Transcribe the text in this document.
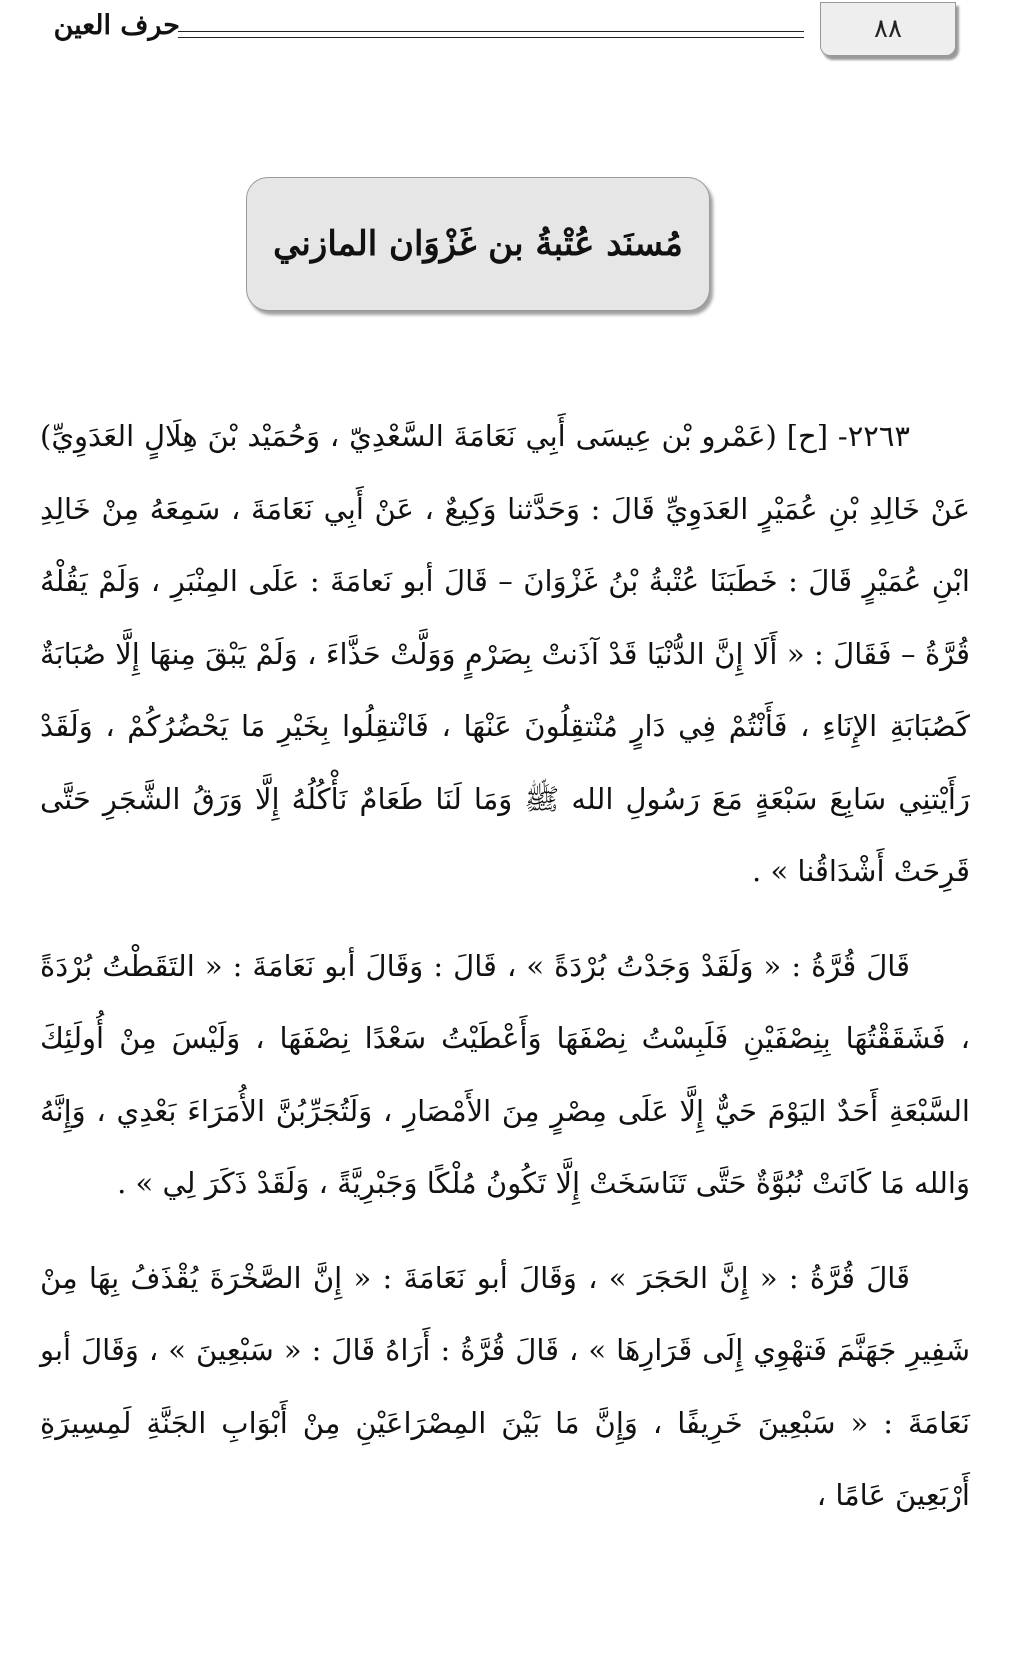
٨٨
حرف العين
مُسنَد عُتْبةُ بن غَزْوَان المازني

٢٢٦٣- [ح] (عَمْرو بْن عِيسَى أَبِي نَعَامَةَ السَّعْدِيّ ، وَحُمَيْد بْنَ هِلَالٍ العَدَوِيِّ) عَنْ خَالِدِ بْنِ عُمَيْرٍ العَدَوِيِّ قَالَ : وَحَدَّثنا وَكِيعٌ ، عَنْ أَبِي نَعَامَةَ ، سَمِعَهُ مِنْ خَالِدِ ابْنِ عُمَيْرٍ قَالَ : خَطَبَنَا عُتْبةُ بْنُ غَزْوَانَ – قَالَ أبو نَعامَةَ : عَلَى المِنْبَرِ ، وَلَمْ يَقُلْهُ قُرَّةُ – فَقَالَ : « أَلَا إِنَّ الدُّنْيَا قَدْ آذَنتْ بِصَرْمٍ وَوَلَّتْ حَذَّاءَ ، وَلَمْ يَبْقَ مِنهَا إِلَّا صُبَابَةٌ كَصُبَابَةِ الإِنَاءِ ، فَأَنْتُمْ فِي دَارٍ مُنْتقِلُونَ عَنْهَا ، فَانْتقِلُوا بِخَيْرِ مَا يَحْضُرُكُمْ ، وَلَقَدْ رَأَيْتنِي سَابِعَ سَبْعَةٍ مَعَ رَسُولِ الله ﷺ وَمَا لَنَا طَعَامٌ نَأْكُلُهُ إِلَّا وَرَقُ الشَّجَرِ حَتَّى قَرِحَتْ أَشْدَاقُنا » .

قَالَ قُرَّةُ : « وَلَقَدْ وَجَدْتُ بُرْدَةً » ، قَالَ : وَقَالَ أبو نَعَامَةَ : « التَقَطْتُ بُرْدَةً ، فَشَقَقْتُهَا بِنِصْفَيْنِ فَلَبِسْتُ نِصْفَهَا وَأَعْطَيْتُ سَعْدًا نِصْفَهَا ، وَلَيْسَ مِنْ أُولَئِكَ السَّبْعَةِ أَحَدٌ اليَوْمَ حَيٌّ إِلَّا عَلَى مِصْرٍ مِنَ الأَمْصَارِ ، وَلَتُجَرِّبُنَّ الأُمَرَاءَ بَعْدِي ، وَإِنَّهُ وَالله مَا كَانَتْ نُبُوَّةٌ حَتَّى تَنَاسَخَتْ إِلَّا تَكُونُ مُلْكًا وَجَبْرِيَّةً ، وَلَقَدْ ذَكَرَ لِي » .

قَالَ قُرَّةُ : « إِنَّ الحَجَرَ » ، وَقَالَ أبو نَعَامَةَ : « إِنَّ الصَّخْرَةَ يُقْذَفُ بِهَا مِنْ شَفِيرِ جَهَنَّمَ فَتهْوِي إِلَى قَرَارِهَا » ، قَالَ قُرَّةُ : أَرَاهُ قَالَ : « سَبْعِينَ » ، وَقَالَ أبو نَعَامَةَ : « سَبْعِينَ خَرِيفًا ، وَإِنَّ مَا بَيْنَ المِصْرَاعَيْنِ مِنْ أَبْوَابِ الجَنَّةِ لَمِسِيرَةِ أَرْبَعِينَ عَامًا ،
